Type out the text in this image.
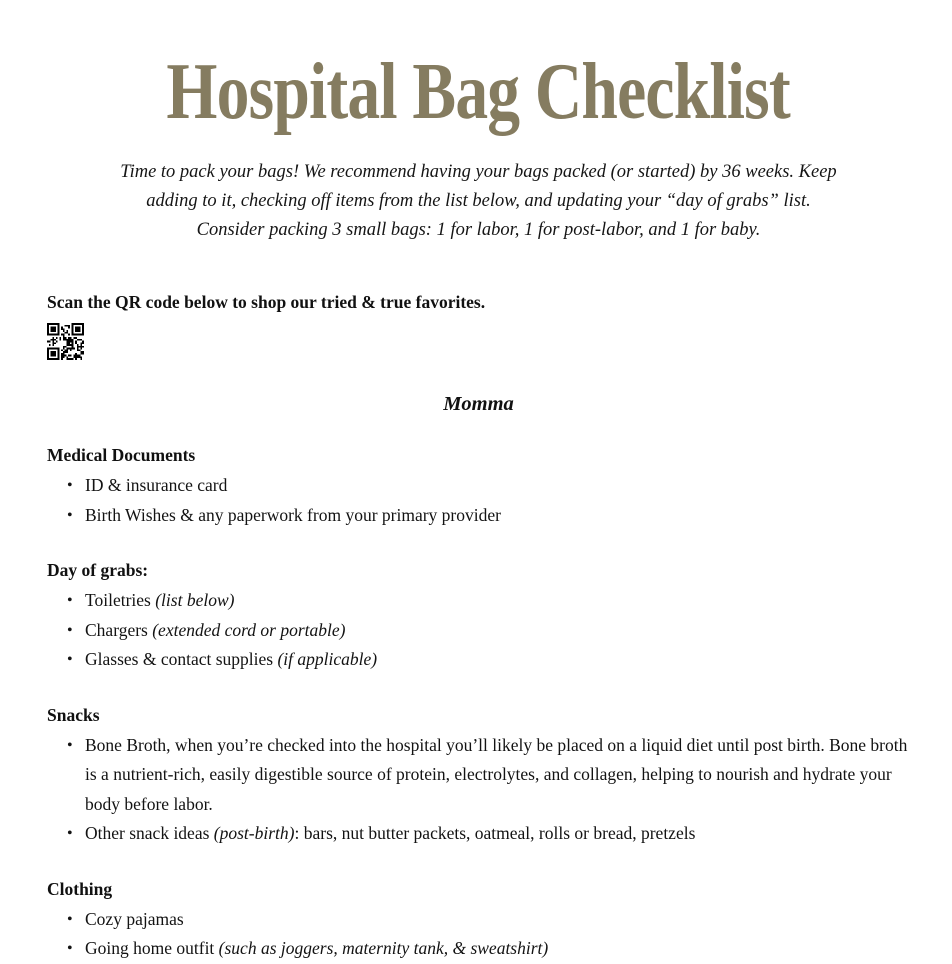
Hospital Bag Checklist
Time to pack your bags! We recommend having your bags packed (or started) by 36 weeks. Keep
adding to it, checking off items from the list below, and updating your “day of grabs” list.
Consider packing 3 small bags: 1 for labor, 1 for post-labor, and 1 for baby.
Scan the QR code below to shop our tried & true favorites.
Momma
Medical Documents
• ID & insurance card
• Birth Wishes & any paperwork from your primary provider
Day of grabs:
• Toiletries (list below)
• Chargers (extended cord or portable)
• Glasses & contact supplies (if applicable)
Snacks
• Bone Broth, when you’re checked into the hospital you’ll likely be placed on a liquid diet until post birth. Bone broth is a nutrient-rich, easily digestible source of protein, electrolytes, and collagen, helping to nourish and hydrate your body before labor.
• Other snack ideas (post-birth): bars, nut butter packets, oatmeal, rolls or bread, pretzels
Clothing
• Cozy pajamas
• Going home outfit (such as joggers, maternity tank, & sweatshirt)
